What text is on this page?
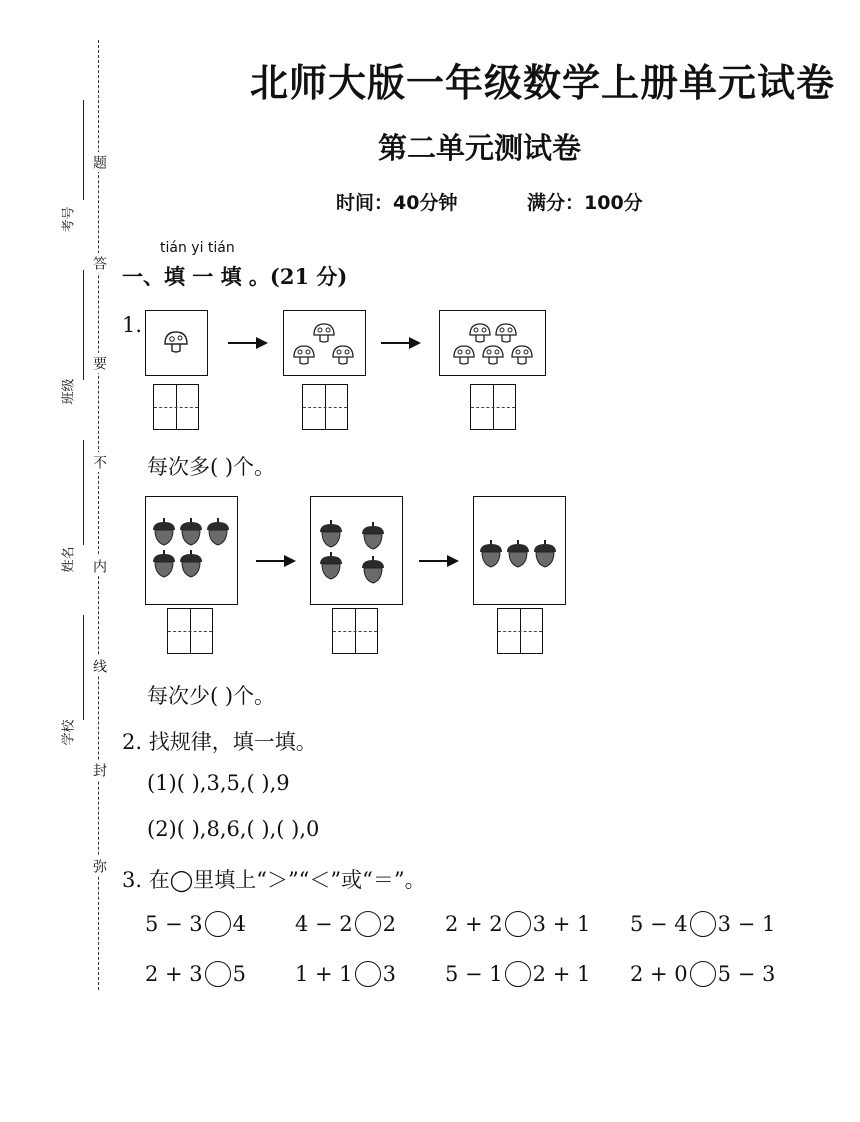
考号
班级
姓名
学校
题
答
要
不
内
线
封
弥
北师大版一年级数学上册单元试卷
第二单元测试卷
时间：40分钟	满分：100分
tián yi tián
一、填 一 填 。(21 分)
1.
每次多( )个。
每次少( )个。
2. 找规律，填一填。
(1)( ),3,5,( ),9
(2)( ),8,6,( ),( ),0
3. 在◯里填上“＞”“＜”或“＝”。
5 − 3 4 4 − 2 2 2 + 2 3 + 1 5 − 4 3 − 1
2 + 3 5 1 + 1 3 5 − 1 2 + 1 2 + 0 5 − 3
